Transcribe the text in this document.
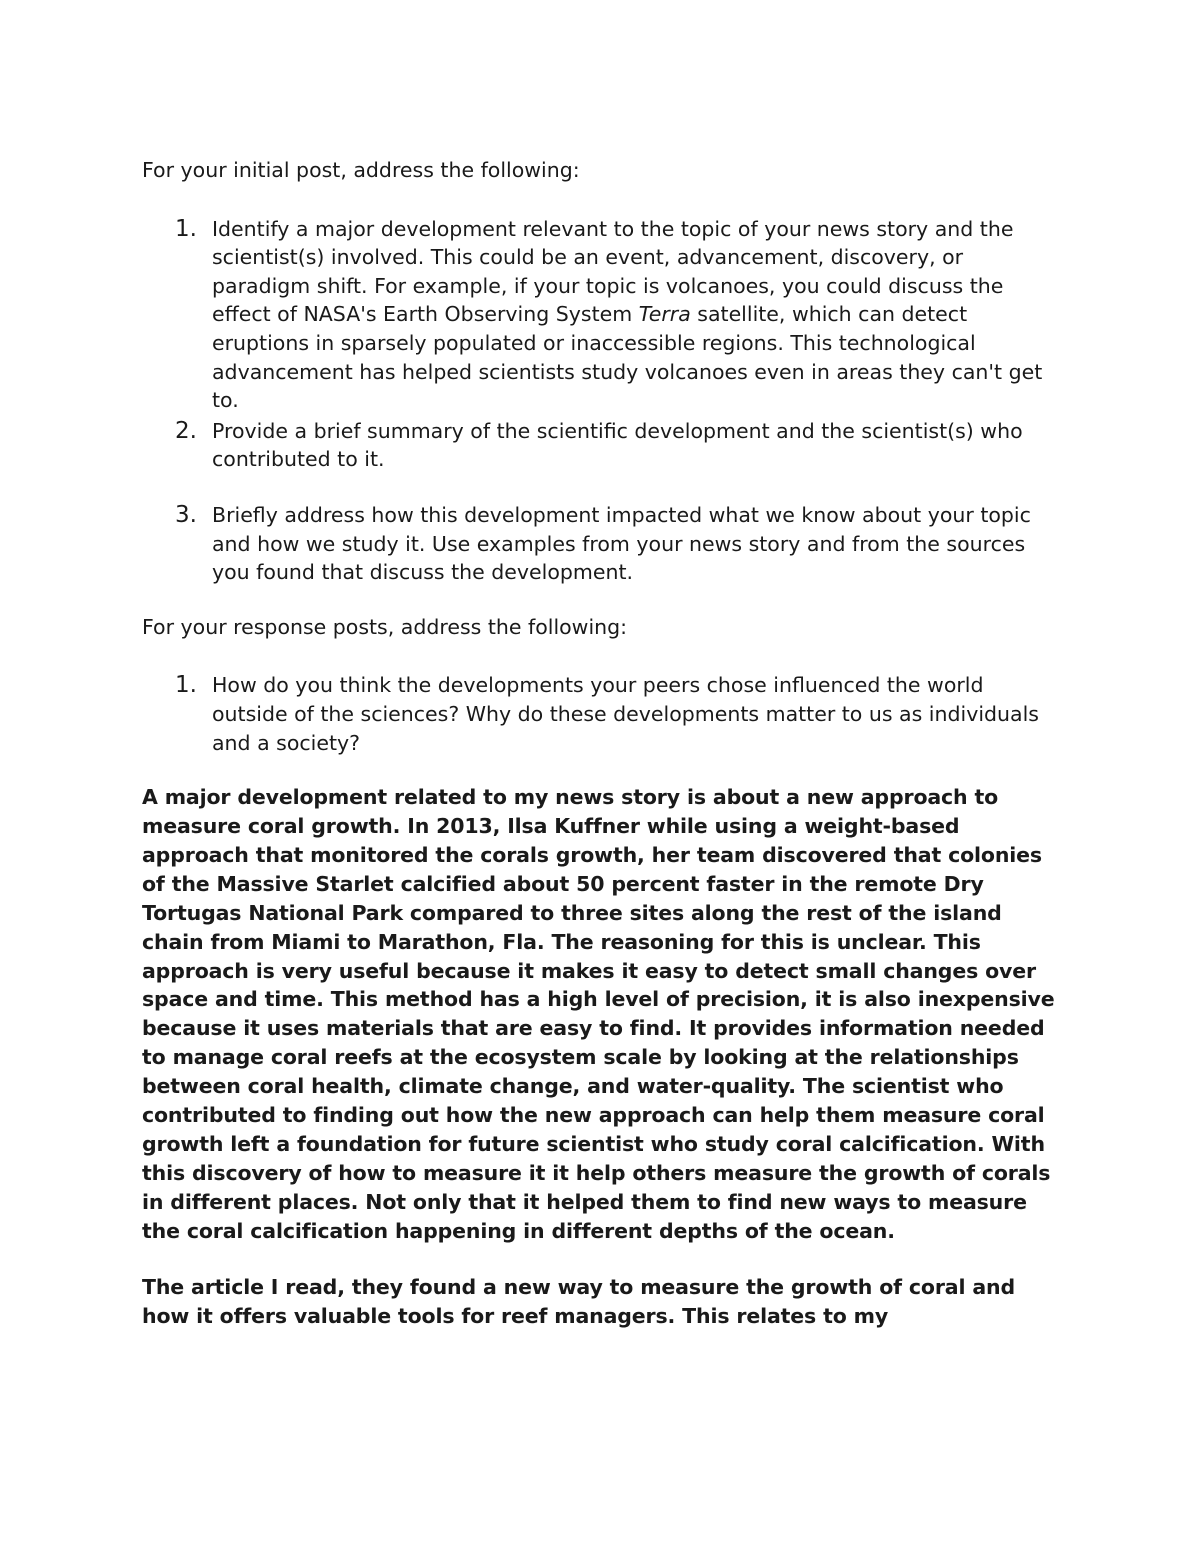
For your initial post, address the following:

1. Identify a major development relevant to the topic of your news story and the scientist(s) involved. This could be an event, advancement, discovery, or paradigm shift. For example, if your topic is volcanoes, you could discuss the effect of NASA's Earth Observing System Terra satellite, which can detect eruptions in sparsely populated or inaccessible regions. This technological advancement has helped scientists study volcanoes even in areas they can't get to.
2. Provide a brief summary of the scientific development and the scientist(s) who contributed to it.
3. Briefly address how this development impacted what we know about your topic and how we study it. Use examples from your news story and from the sources you found that discuss the development.

For your response posts, address the following:

1. How do you think the developments your peers chose influenced the world outside of the sciences? Why do these developments matter to us as individuals and a society?

A major development related to my news story is about a new approach to measure coral growth. In 2013, Ilsa Kuffner while using a weight-based approach that monitored the corals growth, her team discovered that colonies of the Massive Starlet calcified about 50 percent faster in the remote Dry Tortugas National Park compared to three sites along the rest of the island chain from Miami to Marathon, Fla. The reasoning for this is unclear. This approach is very useful because it makes it easy to detect small changes over space and time. This method has a high level of precision, it is also inexpensive because it uses materials that are easy to find. It provides information needed to manage coral reefs at the ecosystem scale by looking at the relationships between coral health, climate change, and water-quality. The scientist who contributed to finding out how the new approach can help them measure coral growth left a foundation for future scientist who study coral calcification. With this discovery of how to measure it it help others measure the growth of corals in different places. Not only that it helped them to find new ways to measure the coral calcification happening in different depths of the ocean.

The article I read, they found a new way to measure the growth of coral and how it offers valuable tools for reef managers. This relates to my
